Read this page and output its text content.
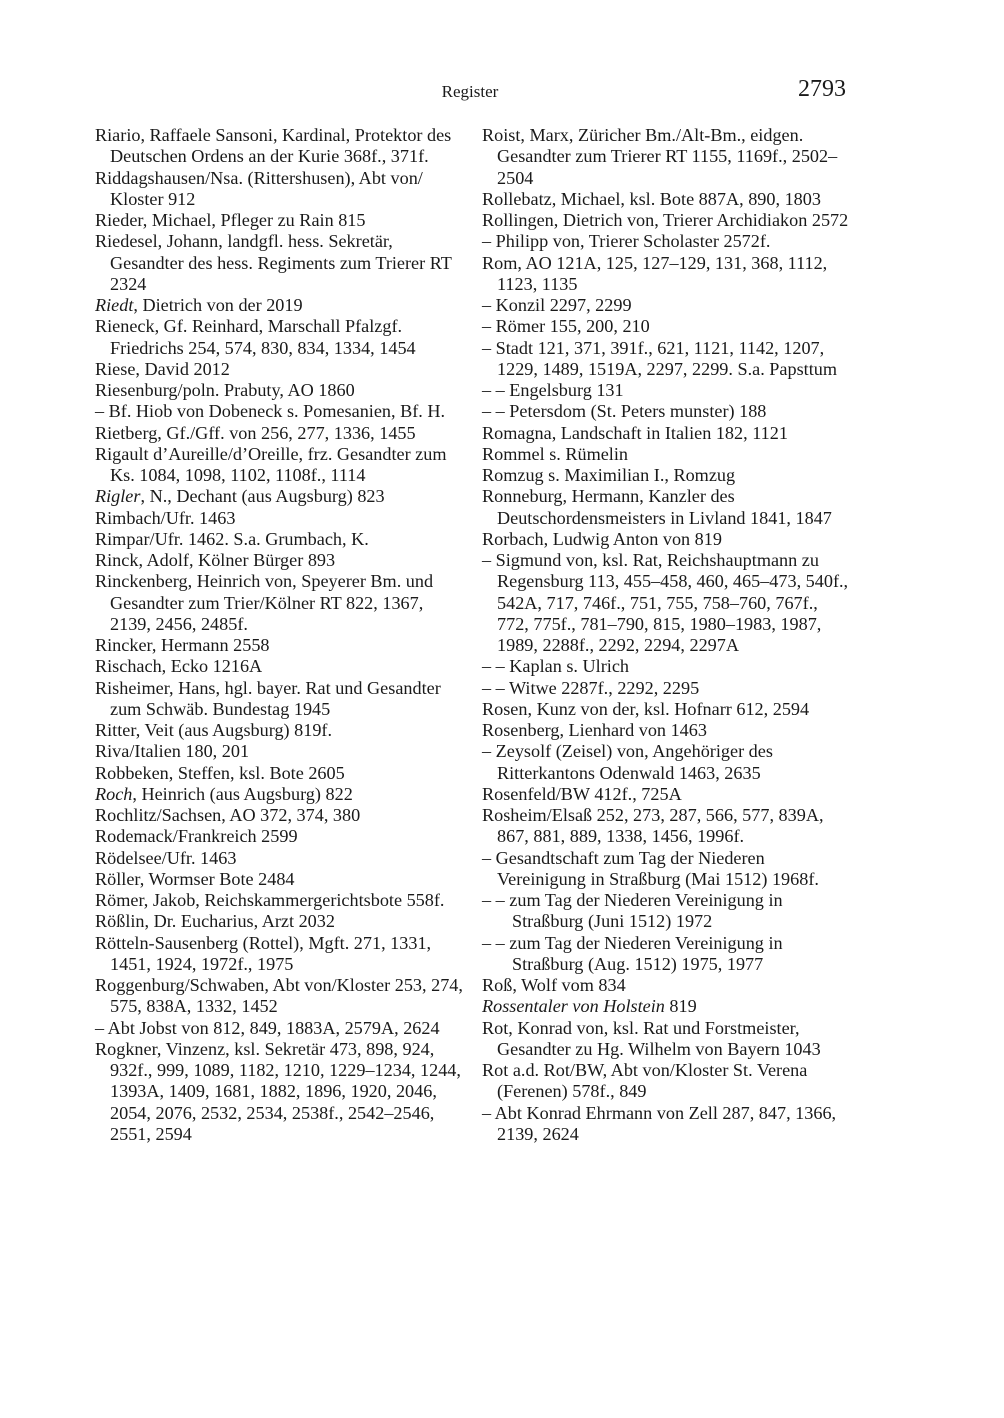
Register	2793

Riario, Raffaele Sansoni, Kardinal, Protektor des Deutschen Ordens an der Kurie 368f., 371f.

Riddagshausen/Nsa. (Rittershusen), Abt von/ Kloster 912

Rieder, Michael, Pfleger zu Rain 815

Riedesel, Johann, landgfl. hess. Sekretär, Gesandter des hess. Regiments zum Trierer RT 2324

Riedt, Dietrich von der 2019

Rieneck, Gf. Reinhard, Marschall Pfalzgf. Friedrichs 254, 574, 830, 834, 1334, 1454

Riese, David 2012

Riesenburg/poln. Prabuty, AO 1860

– Bf. Hiob von Dobeneck s. Pomesanien, Bf. H.

Rietberg, Gf./Gff. von 256, 277, 1336, 1455

Rigault d’Aureille/d’Oreille, frz. Gesandter zum Ks. 1084, 1098, 1102, 1108f., 1114

Rigler, N., Dechant (aus Augsburg) 823

Rimbach/Ufr. 1463

Rimpar/Ufr. 1462. S.a. Grumbach, K.

Rinck, Adolf, Kölner Bürger 893

Rinckenberg, Heinrich von, Speyerer Bm. und Gesandter zum Trier/Kölner RT 822, 1367, 2139, 2456, 2485f.

Rincker, Hermann 2558

Rischach, Ecko 1216A

Risheimer, Hans, hgl. bayer. Rat und Gesandter zum Schwäb. Bundestag 1945

Ritter, Veit (aus Augsburg) 819f.

Riva/Italien 180, 201

Robbeken, Steffen, ksl. Bote 2605

Roch, Heinrich (aus Augsburg) 822

Rochlitz/Sachsen, AO 372, 374, 380

Rodemack/Frankreich 2599

Rödelsee/Ufr. 1463

Röller, Wormser Bote 2484

Römer, Jakob, Reichskammergerichtsbote 558f.

Rößlin, Dr. Eucharius, Arzt 2032

Rötteln-Sausenberg (Rottel), Mgft. 271, 1331, 1451, 1924, 1972f., 1975

Roggenburg/Schwaben, Abt von/Kloster 253, 274, 575, 838A, 1332, 1452

– Abt Jobst von 812, 849, 1883A, 2579A, 2624

Rogkner, Vinzenz, ksl. Sekretär 473, 898, 924, 932f., 999, 1089, 1182, 1210, 1229–1234, 1244, 1393A, 1409, 1681, 1882, 1896, 1920, 2046, 2054, 2076, 2532, 2534, 2538f., 2542–2546, 2551, 2594

Roist, Marx, Züricher Bm./Alt-Bm., eidgen. Gesandter zum Trierer RT 1155, 1169f., 2502–2504

Rollebatz, Michael, ksl. Bote 887A, 890, 1803

Rollingen, Dietrich von, Trierer Archidiakon 2572

– Philipp von, Trierer Scholaster 2572f.

Rom, AO 121A, 125, 127–129, 131, 368, 1112, 1123, 1135

– Konzil 2297, 2299

– Römer 155, 200, 210

– Stadt 121, 371, 391f., 621, 1121, 1142, 1207, 1229, 1489, 1519A, 2297, 2299. S.a. Papsttum

– – Engelsburg 131

– – Petersdom (St. Peters munster) 188

Romagna, Landschaft in Italien 182, 1121

Rommel s. Rümelin

Romzug s. Maximilian I., Romzug

Ronneburg, Hermann, Kanzler des Deutschordensmeisters in Livland 1841, 1847

Rorbach, Ludwig Anton von 819

– Sigmund von, ksl. Rat, Reichshauptmann zu Regensburg 113, 455–458, 460, 465–473, 540f., 542A, 717, 746f., 751, 755, 758–760, 767f., 772, 775f., 781–790, 815, 1980–1983, 1987, 1989, 2288f., 2292, 2294, 2297A

– – Kaplan s. Ulrich

– – Witwe 2287f., 2292, 2295

Rosen, Kunz von der, ksl. Hofnarr 612, 2594

Rosenberg, Lienhard von 1463

– Zeysolf (Zeisel) von, Angehöriger des Ritterkantons Odenwald 1463, 2635

Rosenfeld/BW 412f., 725A

Rosheim/Elsaß 252, 273, 287, 566, 577, 839A, 867, 881, 889, 1338, 1456, 1996f.

– Gesandtschaft zum Tag der Niederen Vereinigung in Straßburg (Mai 1512) 1968f.

– – zum Tag der Niederen Vereinigung in Straßburg (Juni 1512) 1972

– – zum Tag der Niederen Vereinigung in Straßburg (Aug. 1512) 1975, 1977

Roß, Wolf vom 834

Rossentaler von Holstein 819

Rot, Konrad von, ksl. Rat und Forstmeister, Gesandter zu Hg. Wilhelm von Bayern 1043

Rot a.d. Rot/BW, Abt von/Kloster St. Verena (Ferenen) 578f., 849

– Abt Konrad Ehrmann von Zell 287, 847, 1366, 2139, 2624
